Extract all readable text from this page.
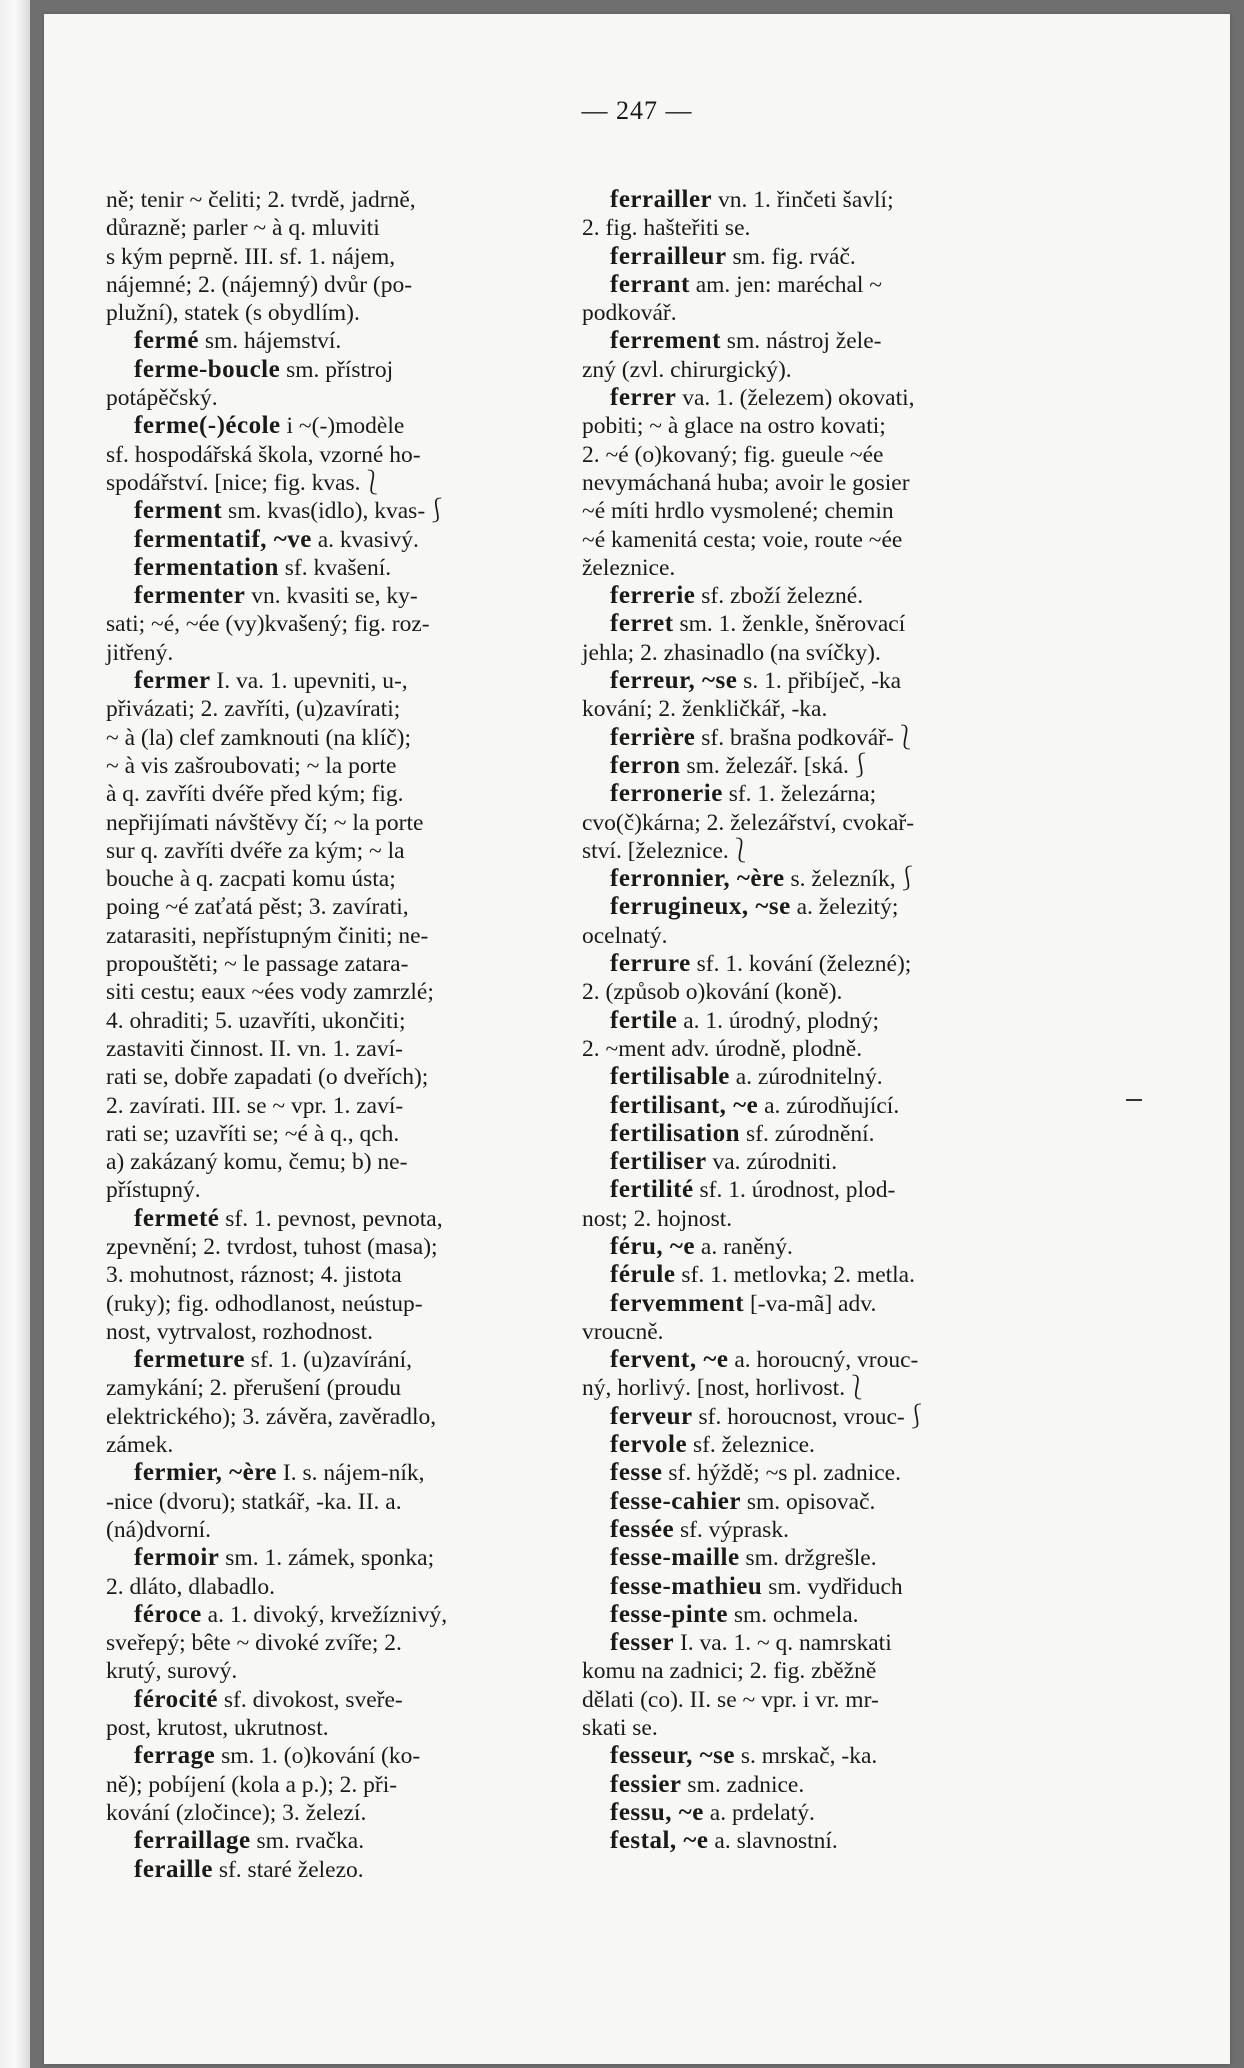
— 247 —
ně; tenir ~ čeliti; 2. tvrdě, jadrně,
důrazně; parler ~ à q. mluviti
s kým peprně. III. sf. 1. nájem,
nájemné; 2. (nájemný) dvůr (po-
plužní), statek (s obydlím).
fermé sm. hájemství.
ferme-boucle sm. přístroj
potápěčský.
ferme(-)école i ~(-)modèle
sf. hospodářská škola, vzorné ho-
spodářství. [nice; fig. kvas.⎱
ferment sm. kvas(idlo), kvas-⎰
fermentatif, ~ve a. kvasivý.
fermentation sf. kvašení.
fermenter vn. kvasiti se, ky-
sati; ~é, ~ée (vy)kvašený; fig. roz-
jitřený.
fermer I. va. 1. upevniti, u-,
přivázati; 2. zavříti, (u)zavírati;
~ à (la) clef zamknouti (na klíč);
~ à vis zašroubovati; ~ la porte
à q. zavříti dvéře před kým; fig.
nepřijímati návštěvy čí; ~ la porte
sur q. zavříti dvéře za kým; ~ la
bouche à q. zacpati komu ústa;
poing ~é zaťatá pěst; 3. zavírati,
zatarasiti, nepřístupným činiti; ne-
propouštěti; ~ le passage zatara-
siti cestu; eaux ~ées vody zamrzlé;
4. ohraditi; 5. uzavříti, ukončiti;
zastaviti činnost. II. vn. 1. zaví-
rati se, dobře zapadati (o dveřích);
2. zavírati. III. se ~ vpr. 1. zaví-
rati se; uzavříti se; ~é à q., qch.
a) zakázaný komu, čemu; b) ne-
přístupný.
fermeté sf. 1. pevnost, pevnota,
zpevnění; 2. tvrdost, tuhost (masa);
3. mohutnost, ráznost; 4. jistota
(ruky); fig. odhodlanost, neústup-
nost, vytrvalost, rozhodnost.
fermeture sf. 1. (u)zavírání,
zamykání; 2. přerušení (proudu
elektrického); 3. závěra, zavěradlo,
zámek.
fermier, ~ère I. s. nájem-ník,
-nice (dvoru); statkář, -ka. II. a.
(ná)dvorní.
fermoir sm. 1. zámek, sponka;
2. dláto, dlabadlo.
féroce a. 1. divoký, krvežíznivý,
sveřepý; bête ~ divoké zvíře; 2.
krutý, surový.
férocité sf. divokost, sveře-
post, krutost, ukrutnost.
ferrage sm. 1. (o)kování (ko-
ně); pobíjení (kola a p.); 2. při-
kování (zločince); 3. železí.
ferraillage sm. rvačka.
feraille sf. staré železo.
ferrailler vn. 1. řinčeti šavlí;
2. fig. hašteřiti se.
ferrailleur sm. fig. rváč.
ferrant am. jen: maréchal ~
podkovář.
ferrement sm. nástroj žele-
zný (zvl. chirurgický).
ferrer va. 1. (železem) okovati,
pobiti; ~ à glace na ostro kovati;
2. ~é (o)kovaný; fig. gueule ~ée
nevymáchaná huba; avoir le gosier
~é míti hrdlo vysmolené; chemin
~é kamenitá cesta; voie, route ~ée
železnice.
ferrerie sf. zboží železné.
ferret sm. 1. ženkle, šněrovací
jehla; 2. zhasinadlo (na svíčky).
ferreur, ~se s. 1. přibíječ, -ka
kování; 2. ženkličkář, -ka.
ferrière sf. brašna podkovář-⎱
ferron sm. železář. [ská.⎰
ferronerie sf. 1. železárna;
cvo(č)kárna; 2. železářství, cvokař-
ství. [železnice.⎱
ferronnier, ~ère s. železník,⎰
ferrugineux, ~se a. železitý;
ocelnatý.
ferrure sf. 1. kování (železné);
2. (způsob o)kování (koně).
fertile a. 1. úrodný, plodný;
2. ~ment adv. úrodně, plodně.
fertilisable a. zúrodnitelný.
fertilisant, ~e a. zúrodňující.
fertilisation sf. zúrodnění.
fertiliser va. zúrodniti.
fertilité sf. 1. úrodnost, plod-
nost; 2. hojnost.
féru, ~e a. raněný.
férule sf. 1. metlovka; 2. metla.
fervemment [-va-mã] adv.
vroucně.
fervent, ~e a. horoucný, vrouc-
ný, horlivý. [nost, horlivost.⎱
ferveur sf. horoucnost, vrouc-⎰
fervole sf. železnice.
fesse sf. hýždě; ~s pl. zadnice.
fesse-cahier sm. opisovač.
fessée sf. výprask.
fesse-maille sm. držgrešle.
fesse-mathieu sm. vydřiduch
fesse-pinte sm. ochmela.
fesser I. va. 1. ~ q. namrskati
komu na zadnici; 2. fig. zběžně
dělati (co). II. se ~ vpr. i vr. mr-
skati se.
fesseur, ~se s. mrskač, -ka.
fessier sm. zadnice.
fessu, ~e a. prdelatý.
festal, ~e a. slavnostní.
